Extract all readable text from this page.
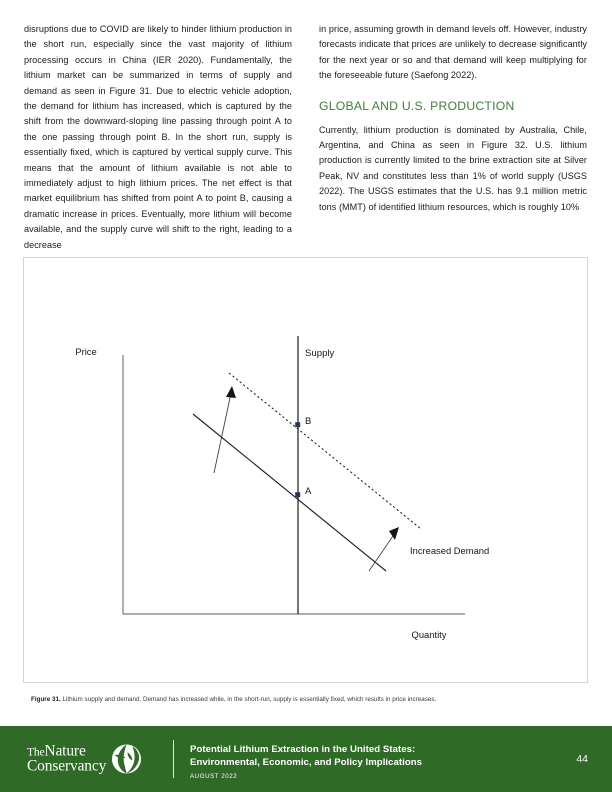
disruptions due to COVID are likely to hinder lithium production in the short run, especially since the vast majority of lithium processing occurs in China (IER 2020). Fundamentally, the lithium market can be summarized in terms of supply and demand as seen in Figure 31. Due to electric vehicle adoption, the demand for lithium has increased, which is captured by the shift from the downward-sloping line passing through point A to the one passing through point B. In the short run, supply is essentially fixed, which is captured by vertical supply curve. This means that the amount of lithium available is not able to immediately adjust to high lithium prices. The net effect is that market equilibrium has shifted from point A to point B, causing a dramatic increase in prices. Eventually, more lithium will become available, and the supply curve will shift to the right, leading to a decrease

in price, assuming growth in demand levels off. However, industry forecasts indicate that prices are unlikely to decrease significantly for the next year or so and that demand will keep multiplying for the foreseeable future (Saefong 2022).

GLOBAL AND U.S. PRODUCTION

Currently, lithium production is dominated by Australia, Chile, Argentina, and China as seen in Figure 32. U.S. lithium production is currently limited to the brine extraction site at Silver Peak, NV and constitutes less than 1% of world supply (USGS 2022). The USGS estimates that the U.S. has 9.1 million metric tons (MMT) of identified lithium resources, which is roughly 10%

Price
Quantity
Supply
B
A
Increased Demand
Figure 31. Lithium supply and demand. Demand has increased while, in the short-run, supply is essentially fixed, which results in price increases.
TheNature
Conservancy
Potential Lithium Extraction in the United States:
Environmental, Economic, and Policy Implications
AUGUST 2022
44
